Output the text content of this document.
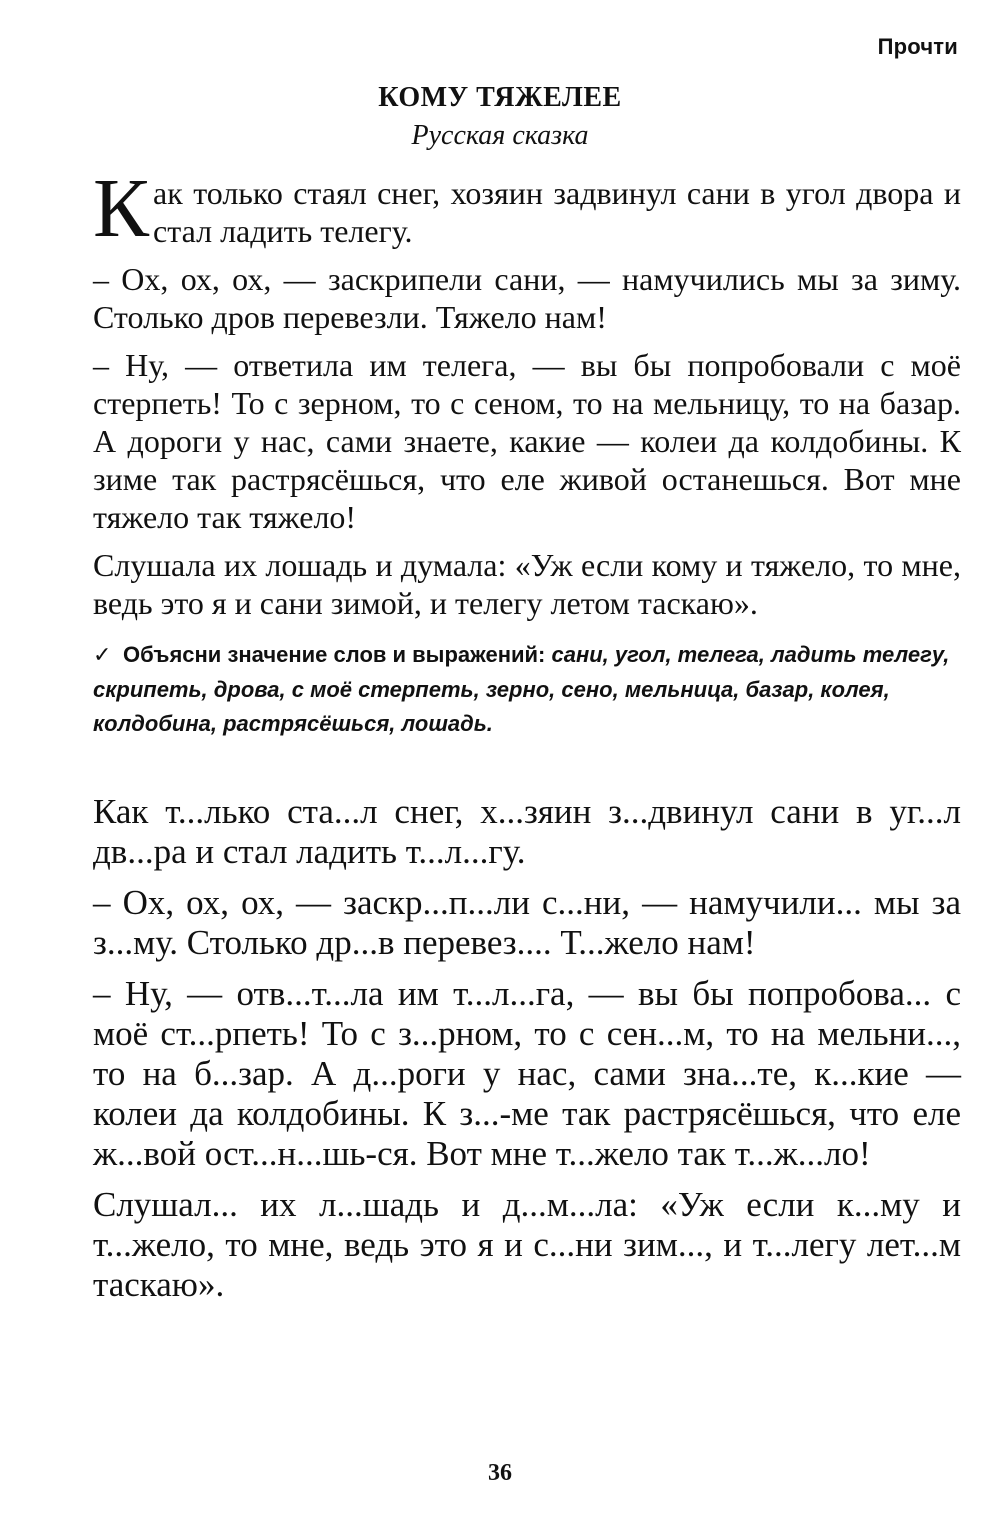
Прочти
КОМУ ТЯЖЕЛЕЕ
Русская сказка

Как только стаял снег, хозяин задвинул сани в угол двора и стал ладить телегу.

– Ох, ох, ох, — заскрипели сани, — намучились мы за зиму. Столько дров перевезли. Тяжело нам!

– Ну, — ответила им телега, — вы бы попробовали с моё стерпеть! То с зерном, то с сеном, то на мельницу, то на базар. А дороги у нас, сами знаете, какие — колеи да колдобины. К зиме так растрясёшься, что еле живой останешься. Вот мне тяжело так тяжело!

Слушала их лошадь и думала: «Уж если кому и тяжело, то мне, ведь это я и сани зимой, и телегу летом таскаю».

✓ Объясни значение слов и выражений: сани, угол, телега, ладить телегу, скрипеть, дрова, с моё стерпеть, зерно, сено, мельница, базар, колея, колдобина, растрясёшься, лошадь.

Как т...лько ста...л снег, х...зяин з...двинул сани в уг...л дв...ра и стал ладить т...л...гу.

– Ох, ох, ох, — заскр...п...ли с...ни, — намучили... мы за з...му. Столько др...в перевез.... Т...жело нам!

– Ну, — отв...т...ла им т...л...га, — вы бы попробова... с моё ст...рпеть! То с з...рном, то с сен...м, то на мельни..., то на б...зар. А д...роги у нас, сами зна...те, к...кие — колеи да колдобины. К з...-ме так растрясёшься, что еле ж...вой ост...н...шь-ся. Вот мне т...жело так т...ж...ло!

Слушал... их л...шадь и д...м...ла: «Уж если к...му и т...жело, то мне, ведь это я и с...ни зим..., и т...легу лет...м таскаю».

36
